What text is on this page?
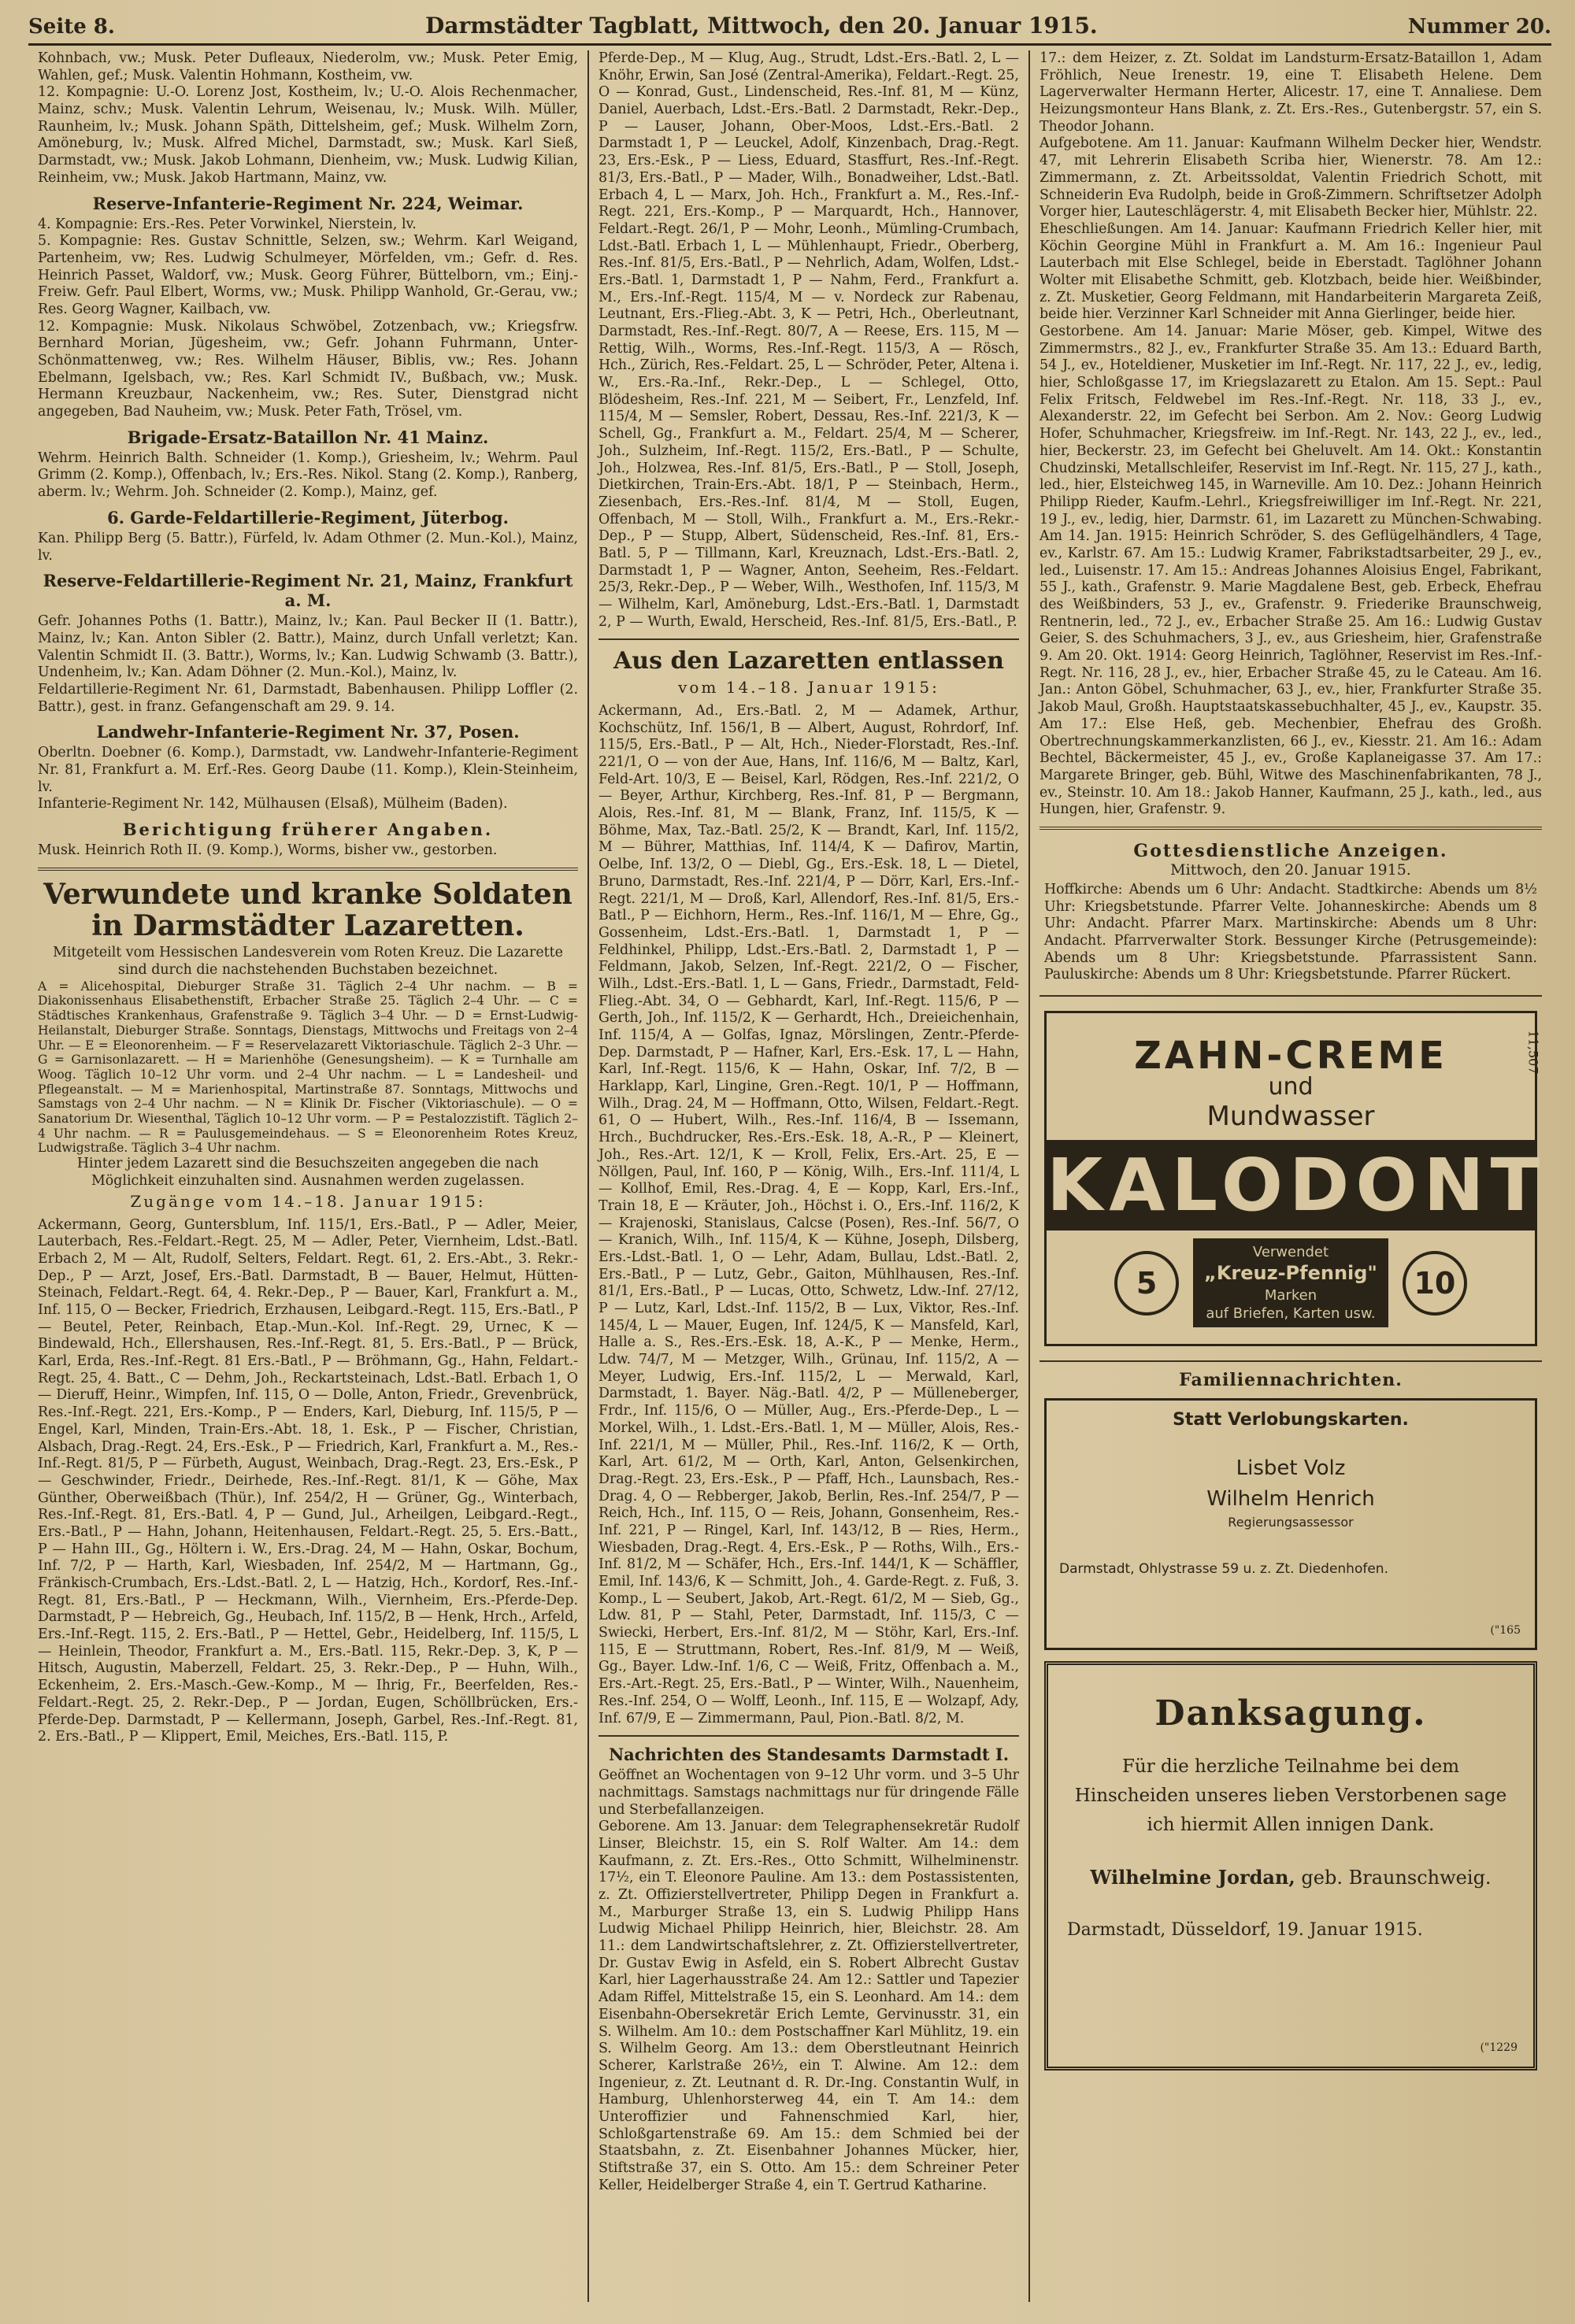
Seite 8.	Darmstädter Tagblatt, Mittwoch, den 20. Januar 1915.	Nummer 20.

Kohnbach, vw.; Musk. Peter Dufleaux, Niederolm, vw.; Musk. Peter Emig, Wahlen, gef.; Musk. Valentin Hohmann, Kostheim, vw.

12. Kompagnie: U.-O. Lorenz Jost, Kostheim, lv.; U.-O. Alois Rechenmacher, Mainz, schv.; Musk. Valentin Lehrum, Weisenau, lv.; Musk. Wilh. Müller, Raunheim, lv.; Musk. Johann Späth, Dittelsheim, gef.; Musk. Wilhelm Zorn, Amöneburg, lv.; Musk. Alfred Michel, Darmstadt, sw.; Musk. Karl Sieß, Darmstadt, vw.; Musk. Jakob Lohmann, Dienheim, vw.; Musk. Ludwig Kilian, Reinheim, vw.; Musk. Jakob Hartmann, Mainz, vw.

Reserve-Infanterie-Regiment Nr. 224, Weimar.

4. Kompagnie: Ers.-Res. Peter Vorwinkel, Nierstein, lv.

5. Kompagnie: Res. Gustav Schnittle, Selzen, sw.; Wehrm. Karl Weigand, Partenheim, vw; Res. Ludwig Schulmeyer, Mörfelden, vm.; Gefr. d. Res. Heinrich Passet, Waldorf, vw.; Musk. Georg Führer, Büttelborn, vm.; Einj.-Freiw. Gefr. Paul Elbert, Worms, vw.; Musk. Philipp Wanhold, Gr.-Gerau, vw.; Res. Georg Wagner, Kailbach, vw.

12. Kompagnie: Musk. Nikolaus Schwöbel, Zotzenbach, vw.; Kriegsfrw. Bernhard Morian, Jügesheim, vw.; Gefr. Johann Fuhrmann, Unter-Schönmattenweg, vw.; Res. Wilhelm Häuser, Biblis, vw.; Res. Johann Ebelmann, Igelsbach, vw.; Res. Karl Schmidt IV., Bußbach, vw.; Musk. Hermann Kreuzbaur, Nackenheim, vw.; Res. Suter, Dienstgrad nicht angegeben, Bad Nauheim, vw.; Musk. Peter Fath, Trösel, vm.

Brigade-Ersatz-Bataillon Nr. 41 Mainz.

Wehrm. Heinrich Balth. Schneider (1. Komp.), Griesheim, lv.; Wehrm. Paul Grimm (2. Komp.), Offenbach, lv.; Ers.-Res. Nikol. Stang (2. Komp.), Ranberg, aberm. lv.; Wehrm. Joh. Schneider (2. Komp.), Mainz, gef.

6. Garde-Feldartillerie-Regiment, Jüterbog.

Kan. Philipp Berg (5. Battr.), Fürfeld, lv. Adam Othmer (2. Mun.-Kol.), Mainz, lv.

Reserve-Feldartillerie-Regiment Nr. 21, Mainz, Frankfurt a. M.

Gefr. Johannes Poths (1. Battr.), Mainz, lv.; Kan. Paul Becker II (1. Battr.), Mainz, lv.; Kan. Anton Sibler (2. Battr.), Mainz, durch Unfall verletzt; Kan. Valentin Schmidt II. (3. Battr.), Worms, lv.; Kan. Ludwig Schwamb (3. Battr.), Undenheim, lv.; Kan. Adam Döhner (2. Mun.-Kol.), Mainz, lv.

Feldartillerie-Regiment Nr. 61, Darmstadt, Babenhausen. Philipp Loffler (2. Battr.), gest. in franz. Gefangenschaft am 29. 9. 14.

Landwehr-Infanterie-Regiment Nr. 37, Posen.

Oberltn. Doebner (6. Komp.), Darmstadt, vw. Landwehr-Infanterie-Regiment Nr. 81, Frankfurt a. M. Erf.-Res. Georg Daube (11. Komp.), Klein-Steinheim, lv.

Infanterie-Regiment Nr. 142, Mülhausen (Elsaß), Mülheim (Baden).

Berichtigung früherer Angaben.

Musk. Heinrich Roth II. (9. Komp.), Worms, bisher vw., gestorben.

Verwundete und kranke Soldaten
in Darmstädter Lazaretten.

Mitgeteilt vom Hessischen Landesverein vom Roten Kreuz. Die Lazarette sind durch die nachstehenden Buchstaben bezeichnet.

A = Alicehospital, Dieburger Straße 31. Täglich 2–4 Uhr nachm. — B = Diakonissenhaus Elisabethenstift, Erbacher Straße 25. Täglich 2–4 Uhr. — C = Städtisches Krankenhaus, Grafenstraße 9. Täglich 3–4 Uhr. — D = Ernst-Ludwig-Heilanstalt, Dieburger Straße. Sonntags, Dienstags, Mittwochs und Freitags von 2–4 Uhr. — E = Eleonorenheim. — F = Reservelazarett Viktoriaschule. Täglich 2–3 Uhr. — G = Garnisonlazarett. — H = Marienhöhe (Genesungsheim). — K = Turnhalle am Woog. Täglich 10–12 Uhr vorm. und 2–4 Uhr nachm. — L = Landesheil- und Pflegeanstalt. — M = Marienhospital, Martinstraße 87. Sonntags, Mittwochs und Samstags von 2–4 Uhr nachm. — N = Klinik Dr. Fischer (Viktoriaschule). — O = Sanatorium Dr. Wiesenthal, Täglich 10–12 Uhr vorm. — P = Pestalozzistift. Täglich 2–4 Uhr nachm. — R = Paulusgemeindehaus. — S = Eleonorenheim Rotes Kreuz, Ludwigstraße. Täglich 3–4 Uhr nachm.

Hinter jedem Lazarett sind die Besuchszeiten angegeben die nach Möglichkeit einzuhalten sind. Ausnahmen werden zugelassen.

Zugänge vom 14.–18. Januar 1915:

Ackermann, Georg, Guntersblum, Inf. 115/1, Ers.-Batl., P — Adler, Meier, Lauterbach, Res.-Feldart.-Regt. 25, M — Adler, Peter, Viernheim, Ldst.-Batl. Erbach 2, M — Alt, Rudolf, Selters, Feldart. Regt. 61, 2. Ers.-Abt., 3. Rekr.-Dep., P — Arzt, Josef, Ers.-Batl. Darmstadt, B — Bauer, Helmut, Hütten-Steinach, Feldart.-Regt. 64, 4. Rekr.-Dep., P — Bauer, Karl, Frankfurt a. M., Inf. 115, O — Becker, Friedrich, Erzhausen, Leibgard.-Regt. 115, Ers.-Batl., P — Beutel, Peter, Reinbach, Etap.-Mun.-Kol. Inf.-Regt. 29, Urnec, K — Bindewald, Hch., Ellershausen, Res.-Inf.-Regt. 81, 5. Ers.-Batl., P — Brück, Karl, Erda, Res.-Inf.-Regt. 81 Ers.-Batl., P — Bröhmann, Gg., Hahn, Feldart.-Regt. 25, 4. Batt., C — Dehm, Joh., Reckartsteinach, Ldst.-Batl. Erbach 1, O — Dieruff, Heinr., Wimpfen, Inf. 115, O — Dolle, Anton, Friedr., Grevenbrück, Res.-Inf.-Regt. 221, Ers.-Komp., P — Enders, Karl, Dieburg, Inf. 115/5, P — Engel, Karl, Minden, Train-Ers.-Abt. 18, 1. Esk., P — Fischer, Christian, Alsbach, Drag.-Regt. 24, Ers.-Esk., P — Friedrich, Karl, Frankfurt a. M., Res.-Inf.-Regt. 81/5, P — Fürbeth, August, Weinbach, Drag.-Regt. 23, Ers.-Esk., P — Geschwinder, Friedr., Deirhede, Res.-Inf.-Regt. 81/1, K — Göhe, Max Günther, Oberweißbach (Thür.), Inf. 254/2, H — Grüner, Gg., Winterbach, Res.-Inf.-Regt. 81, Ers.-Batl. 4, P — Gund, Jul., Arheilgen, Leibgard.-Regt., Ers.-Batl., P — Hahn, Johann, Heitenhausen, Feldart.-Regt. 25, 5. Ers.-Batt., P — Hahn III., Gg., Höltern i. W., Ers.-Drag. 24, M — Hahn, Oskar, Bochum, Inf. 7/2, P — Harth, Karl, Wiesbaden, Inf. 254/2, M — Hartmann, Gg., Fränkisch-Crumbach, Ers.-Ldst.-Batl. 2, L — Hatzig, Hch., Kordorf, Res.-Inf.-Regt. 81, Ers.-Batl., P — Heckmann, Wilh., Viernheim, Ers.-Pferde-Dep. Darmstadt, P — Hebreich, Gg., Heubach, Inf. 115/2, B — Henk, Hrch., Arfeld, Ers.-Inf.-Regt. 115, 2. Ers.-Batl., P — Hettel, Gebr., Heidelberg, Inf. 115/5, L — Heinlein, Theodor, Frankfurt a. M., Ers.-Batl. 115, Rekr.-Dep. 3, K, P — Hitsch, Augustin, Maberzell, Feldart. 25, 3. Rekr.-Dep., P — Huhn, Wilh., Eckenheim, 2. Ers.-Masch.-Gew.-Komp., M — Ihrig, Fr., Beerfelden, Res.-Feldart.-Regt. 25, 2. Rekr.-Dep., P — Jordan, Eugen, Schöllbrücken, Ers.-Pferde-Dep. Darmstadt, P — Kellermann, Joseph, Garbel, Res.-Inf.-Regt. 81, 2. Ers.-Batl., P — Klippert, Emil, Meiches, Ers.-Batl. 115, P.

Pferde-Dep., M — Klug, Aug., Strudt, Ldst.-Ers.-Batl. 2, L — Knöhr, Erwin, San José (Zentral-Amerika), Feldart.-Regt. 25, O — Konrad, Gust., Lindenscheid, Res.-Inf. 81, M — Künz, Daniel, Auerbach, Ldst.-Ers.-Batl. 2 Darmstadt, Rekr.-Dep., P — Lauser, Johann, Ober-Moos, Ldst.-Ers.-Batl. 2 Darmstadt 1, P — Leuckel, Adolf, Kinzenbach, Drag.-Regt. 23, Ers.-Esk., P — Liess, Eduard, Stasffurt, Res.-Inf.-Regt. 81/3, Ers.-Batl., P — Mader, Wilh., Bonadweiher, Ldst.-Batl. Erbach 4, L — Marx, Joh. Hch., Frankfurt a. M., Res.-Inf.-Regt. 221, Ers.-Komp., P — Marquardt, Hch., Hannover, Feldart.-Regt. 26/1, P — Mohr, Leonh., Mümling-Crumbach, Ldst.-Batl. Erbach 1, L — Mühlenhaupt, Friedr., Oberberg, Res.-Inf. 81/5, Ers.-Batl., P — Nehrlich, Adam, Wolfen, Ldst.-Ers.-Batl. 1, Darmstadt 1, P — Nahm, Ferd., Frankfurt a. M., Ers.-Inf.-Regt. 115/4, M — v. Nordeck zur Rabenau, Leutnant, Ers.-Flieg.-Abt. 3, K — Petri, Hch., Oberleutnant, Darmstadt, Res.-Inf.-Regt. 80/7, A — Reese, Ers. 115, M — Rettig, Wilh., Worms, Res.-Inf.-Regt. 115/3, A — Rösch, Hch., Zürich, Res.-Feldart. 25, L — Schröder, Peter, Altena i. W., Ers.-Ra.-Inf., Rekr.-Dep., L — Schlegel, Otto, Blödesheim, Res.-Inf. 221, M — Seibert, Fr., Lenzfeld, Inf. 115/4, M — Semsler, Robert, Dessau, Res.-Inf. 221/3, K — Schell, Gg., Frankfurt a. M., Feldart. 25/4, M — Scherer, Joh., Sulzheim, Inf.-Regt. 115/2, Ers.-Batl., P — Schulte, Joh., Holzwea, Res.-Inf. 81/5, Ers.-Batl., P — Stoll, Joseph, Dietkirchen, Train-Ers.-Abt. 18/1, P — Steinbach, Herm., Ziesenbach, Ers.-Res.-Inf. 81/4, M — Stoll, Eugen, Offenbach, M — Stoll, Wilh., Frankfurt a. M., Ers.-Rekr.-Dep., P — Stupp, Albert, Südenscheid, Res.-Inf. 81, Ers.-Batl. 5, P — Tillmann, Karl, Kreuznach, Ldst.-Ers.-Batl. 2, Darmstadt 1, P — Wagner, Anton, Seeheim, Res.-Feldart. 25/3, Rekr.-Dep., P — Weber, Wilh., Westhofen, Inf. 115/3, M — Wilhelm, Karl, Amöneburg, Ldst.-Ers.-Batl. 1, Darmstadt 2, P — Wurth, Ewald, Herscheid, Res.-Inf. 81/5, Ers.-Batl., P.

Aus den Lazaretten entlassen
vom 14.–18. Januar 1915:

Ackermann, Ad., Ers.-Batl. 2, M — Adamek, Arthur, Kochschütz, Inf. 156/1, B — Albert, August, Rohrdorf, Inf. 115/5, Ers.-Batl., P — Alt, Hch., Nieder-Florstadt, Res.-Inf. 221/1, O — von der Aue, Hans, Inf. 116/6, M — Baltz, Karl, Feld-Art. 10/3, E — Beisel, Karl, Rödgen, Res.-Inf. 221/2, O — Beyer, Arthur, Kirchberg, Res.-Inf. 81, P — Bergmann, Alois, Res.-Inf. 81, M — Blank, Franz, Inf. 115/5, K — Böhme, Max, Taz.-Batl. 25/2, K — Brandt, Karl, Inf. 115/2, M — Bührer, Matthias, Inf. 114/4, K — Dafirov, Martin, Oelbe, Inf. 13/2, O — Diebl, Gg., Ers.-Esk. 18, L — Dietel, Bruno, Darmstadt, Res.-Inf. 221/4, P — Dörr, Karl, Ers.-Inf.-Regt. 221/1, M — Droß, Karl, Allendorf, Res.-Inf. 81/5, Ers.-Batl., P — Eichhorn, Herm., Res.-Inf. 116/1, M — Ehre, Gg., Gossenheim, Ldst.-Ers.-Batl. 1, Darmstadt 1, P — Feldhinkel, Philipp, Ldst.-Ers.-Batl. 2, Darmstadt 1, P — Feldmann, Jakob, Selzen, Inf.-Regt. 221/2, O — Fischer, Wilh., Ldst.-Ers.-Batl. 1, L — Gans, Friedr., Darmstadt, Feld-Flieg.-Abt. 34, O — Gebhardt, Karl, Inf.-Regt. 115/6, P — Gerth, Joh., Inf. 115/2, K — Gerhardt, Hch., Dreieichenhain, Inf. 115/4, A — Golfas, Ignaz, Mörslingen, Zentr.-Pferde-Dep. Darmstadt, P — Hafner, Karl, Ers.-Esk. 17, L — Hahn, Karl, Inf.-Regt. 115/6, K — Hahn, Oskar, Inf. 7/2, B — Harklapp, Karl, Lingine, Gren.-Regt. 10/1, P — Hoffmann, Wilh., Drag. 24, M — Hoffmann, Otto, Wilsen, Feldart.-Regt. 61, O — Hubert, Wilh., Res.-Inf. 116/4, B — Issemann, Hrch., Buchdrucker, Res.-Ers.-Esk. 18, A.-R., P — Kleinert, Joh., Res.-Art. 12/1, K — Kroll, Felix, Ers.-Art. 25, E — Nöllgen, Paul, Inf. 160, P — König, Wilh., Ers.-Inf. 111/4, L — Kollhof, Emil, Res.-Drag. 4, E — Kopp, Karl, Ers.-Inf., Train 18, E — Kräuter, Joh., Höchst i. O., Ers.-Inf. 116/2, K — Krajenoski, Stanislaus, Calcse (Posen), Res.-Inf. 56/7, O — Kranich, Wilh., Inf. 115/4, K — Kühne, Joseph, Dilsberg, Ers.-Ldst.-Batl. 1, O — Lehr, Adam, Bullau, Ldst.-Batl. 2, Ers.-Batl., P — Lutz, Gebr., Gaiton, Mühlhausen, Res.-Inf. 81/1, Ers.-Batl., P — Lucas, Otto, Schwetz, Ldw.-Inf. 27/12, P — Lutz, Karl, Ldst.-Inf. 115/2, B — Lux, Viktor, Res.-Inf. 145/4, L — Mauer, Eugen, Inf. 124/5, K — Mansfeld, Karl, Halle a. S., Res.-Ers.-Esk. 18, A.-K., P — Menke, Herm., Ldw. 74/7, M — Metzger, Wilh., Grünau, Inf. 115/2, A — Meyer, Ludwig, Ers.-Inf. 115/2, L — Merwald, Karl, Darmstadt, 1. Bayer. Näg.-Batl. 4/2, P — Mülleneberger, Frdr., Inf. 115/6, O — Müller, Aug., Ers.-Pferde-Dep., L — Morkel, Wilh., 1. Ldst.-Ers.-Batl. 1, M — Müller, Alois, Res.-Inf. 221/1, M — Müller, Phil., Res.-Inf. 116/2, K — Orth, Karl, Art. 61/2, M — Orth, Karl, Anton, Gelsenkirchen, Drag.-Regt. 23, Ers.-Esk., P — Pfaff, Hch., Launsbach, Res.-Drag. 4, O — Rebberger, Jakob, Berlin, Res.-Inf. 254/7, P — Reich, Hch., Inf. 115, O — Reis, Johann, Gonsenheim, Res.-Inf. 221, P — Ringel, Karl, Inf. 143/12, B — Ries, Herm., Wiesbaden, Drag.-Regt. 4, Ers.-Esk., P — Roths, Wilh., Ers.-Inf. 81/2, M — Schäfer, Hch., Ers.-Inf. 144/1, K — Schäffler, Emil, Inf. 143/6, K — Schmitt, Joh., 4. Garde-Regt. z. Fuß, 3. Komp., L — Seubert, Jakob, Art.-Regt. 61/2, M — Sieb, Gg., Ldw. 81, P — Stahl, Peter, Darmstadt, Inf. 115/3, C — Swiecki, Herbert, Ers.-Inf. 81/2, M — Stöhr, Karl, Ers.-Inf. 115, E — Struttmann, Robert, Res.-Inf. 81/9, M — Weiß, Gg., Bayer. Ldw.-Inf. 1/6, C — Weiß, Fritz, Offenbach a. M., Ers.-Art.-Regt. 25, Ers.-Batl., P — Winter, Wilh., Nauenheim, Res.-Inf. 254, O — Wolff, Leonh., Inf. 115, E — Wolzapf, Ady, Inf. 67/9, E — Zimmermann, Paul, Pion.-Batl. 8/2, M.

Nachrichten des Standesamts Darmstadt I.

Geöffnet an Wochentagen von 9–12 Uhr vorm. und 3–5 Uhr nachmittags. Samstags nachmittags nur für dringende Fälle und Sterbefallanzeigen.

Geborene. Am 13. Januar: dem Telegraphensekretär Rudolf Linser, Bleichstr. 15, ein S. Rolf Walter. Am 14.: dem Kaufmann, z. Zt. Ers.-Res., Otto Schmitt, Wilhelminenstr. 17½, ein T. Eleonore Pauline. Am 13.: dem Postassistenten, z. Zt. Offizierstellvertreter, Philipp Degen in Frankfurt a. M., Marburger Straße 13, ein S. Ludwig Philipp Hans Ludwig Michael Philipp Heinrich, hier, Bleichstr. 28. Am 11.: dem Landwirtschaftslehrer, z. Zt. Offizierstellvertreter, Dr. Gustav Ewig in Asfeld, ein S. Robert Albrecht Gustav Karl, hier Lagerhausstraße 24. Am 12.: Sattler und Tapezier Adam Riffel, Mittelstraße 15, ein S. Leonhard. Am 14.: dem Eisenbahn-Obersekretär Erich Lemte, Gervinusstr. 31, ein S. Wilhelm. Am 10.: dem Postschaffner Karl Mühlitz, 19. ein S. Wilhelm Georg. Am 13.: dem Oberstleutnant Heinrich Scherer, Karlstraße 26½, ein T. Alwine. Am 12.: dem Ingenieur, z. Zt. Leutnant d. R. Dr.-Ing. Constantin Wulf, in Hamburg, Uhlenhorsterweg 44, ein T. Am 14.: dem Unteroffizier und Fahnenschmied Karl, hier, Schloßgartenstraße 69. Am 15.: dem Schmied bei der Staatsbahn, z. Zt. Eisenbahner Johannes Mücker, hier, Stiftstraße 37, ein S. Otto. Am 15.: dem Schreiner Peter Keller, Heidelberger Straße 4, ein T. Gertrud Katharine.

17.: dem Heizer, z. Zt. Soldat im Landsturm-Ersatz-Bataillon 1, Adam Fröhlich, Neue Irenestr. 19, eine T. Elisabeth Helene. Dem Lagerverwalter Hermann Herter, Alicestr. 17, eine T. Annaliese. Dem Heizungsmonteur Hans Blank, z. Zt. Ers.-Res., Gutenbergstr. 57, ein S. Theodor Johann.

Aufgebotene. Am 11. Januar: Kaufmann Wilhelm Decker hier, Wendstr. 47, mit Lehrerin Elisabeth Scriba hier, Wienerstr. 78. Am 12.: Zimmermann, z. Zt. Arbeitssoldat, Valentin Friedrich Schott, mit Schneiderin Eva Rudolph, beide in Groß-Zimmern. Schriftsetzer Adolph Vorger hier, Lauteschlägerstr. 4, mit Elisabeth Becker hier, Mühlstr. 22.

Eheschließungen. Am 14. Januar: Kaufmann Friedrich Keller hier, mit Köchin Georgine Mühl in Frankfurt a. M. Am 16.: Ingenieur Paul Lauterbach mit Else Schlegel, beide in Eberstadt. Taglöhner Johann Wolter mit Elisabethe Schmitt, geb. Klotzbach, beide hier. Weißbinder, z. Zt. Musketier, Georg Feldmann, mit Handarbeiterin Margareta Zeiß, beide hier. Verzinner Karl Schneider mit Anna Gierlinger, beide hier.

Gestorbene. Am 14. Januar: Marie Möser, geb. Kimpel, Witwe des Zimmermstrs., 82 J., ev., Frankfurter Straße 35. Am 13.: Eduard Barth, 54 J., ev., Hoteldiener, Musketier im Inf.-Regt. Nr. 117, 22 J., ev., ledig, hier, Schloßgasse 17, im Kriegslazarett zu Etalon. Am 15. Sept.: Paul Felix Fritsch, Feldwebel im Res.-Inf.-Regt. Nr. 118, 33 J., ev., Alexanderstr. 22, im Gefecht bei Serbon. Am 2. Nov.: Georg Ludwig Hofer, Schuhmacher, Kriegsfreiw. im Inf.-Regt. Nr. 143, 22 J., ev., led., hier, Beckerstr. 23, im Gefecht bei Gheluvelt. Am 14. Okt.: Konstantin Chudzinski, Metallschleifer, Reservist im Inf.-Regt. Nr. 115, 27 J., kath., led., hier, Elsteichweg 145, in Warneville. Am 10. Dez.: Johann Heinrich Philipp Rieder, Kaufm.-Lehrl., Kriegsfreiwilliger im Inf.-Regt. Nr. 221, 19 J., ev., ledig, hier, Darmstr. 61, im Lazarett zu München-Schwabing. Am 14. Jan. 1915: Heinrich Schröder, S. des Geflügelhändlers, 4 Tage, ev., Karlstr. 67. Am 15.: Ludwig Kramer, Fabrikstadtsarbeiter, 29 J., ev., led., Luisenstr. 17. Am 15.: Andreas Johannes Aloisius Engel, Fabrikant, 55 J., kath., Grafenstr. 9. Marie Magdalene Best, geb. Erbeck, Ehefrau des Weißbinders, 53 J., ev., Grafenstr. 9. Friederike Braunschweig, Rentnerin, led., 72 J., ev., Erbacher Straße 25. Am 16.: Ludwig Gustav Geier, S. des Schuhmachers, 3 J., ev., aus Griesheim, hier, Grafenstraße 9. Am 20. Okt. 1914: Georg Heinrich, Taglöhner, Reservist im Res.-Inf.-Regt. Nr. 116, 28 J., ev., hier, Erbacher Straße 45, zu le Cateau. Am 16. Jan.: Anton Göbel, Schuhmacher, 63 J., ev., hier, Frankfurter Straße 35. Jakob Maul, Großh. Hauptstaatskassebuchhalter, 45 J., ev., Kaupstr. 35. Am 17.: Else Heß, geb. Mechenbier, Ehefrau des Großh. Obertrechnungskammerkanzlisten, 66 J., ev., Kiesstr. 21. Am 16.: Adam Bechtel, Bäckermeister, 45 J., ev., Große Kaplaneigasse 37. Am 17.: Margarete Bringer, geb. Bühl, Witwe des Maschinenfabrikanten, 78 J., ev., Steinstr. 10. Am 18.: Jakob Hanner, Kaufmann, 25 J., kath., led., aus Hungen, hier, Grafenstr. 9.

Gottesdienstliche Anzeigen.
Mittwoch, den 20. Januar 1915.

Hoffkirche: Abends um 6 Uhr: Andacht. Stadtkirche: Abends um 8½ Uhr: Kriegsbetstunde. Pfarrer Velte. Johanneskirche: Abends um 8 Uhr: Andacht. Pfarrer Marx. Martinskirche: Abends um 8 Uhr: Andacht. Pfarrverwalter Stork. Bessunger Kirche (Petrusgemeinde): Abends um 8 Uhr: Kriegsbetstunde. Pfarrassistent Sann. Pauluskirche: Abends um 8 Uhr: Kriegsbetstunde. Pfarrer Rückert.

ZAHN-CREME
und
Mundwasser
KALODONT
5
Verwendet
„Kreuz-Pfennig"
Marken
auf Briefen, Karten usw.
10
11,507
Familiennachrichten.
Statt Verlobungskarten.
Lisbet Volz
Wilhelm Henrich
Regierungsassessor
Darmstadt, Ohlystrasse 59 u. z. Zt. Diedenhofen.
("165
Danksagung.
Für die herzliche Teilnahme bei dem Hinscheiden unseres lieben Verstorbenen sage ich hiermit Allen innigen Dank.
Wilhelmine Jordan, geb. Braunschweig.
Darmstadt, Düsseldorf, 19. Januar 1915.
("1229
